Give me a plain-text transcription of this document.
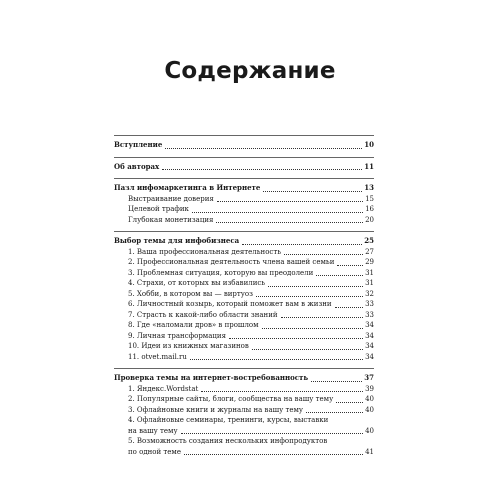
Содержание
Вступление	10
Об авторах	11
Пазл инфомаркетинга в Интернете	13
Выстраивание доверия	15
Целевой трафик	16
Глубокая монетизация	20
Выбор темы для инфобизнеса	25
1. Ваша профессиональная деятельность	27
2. Профессиональная деятельность члена вашей семьи	29
3. Проблемная ситуация, которую вы преодолели	31
4. Страхи, от которых вы избавились	31
5. Хобби, в котором вы — виртуоз	32
6. Личностный козырь, который поможет вам в жизни	33
7. Страсть к какой-либо области знаний	33
8. Где «наломали дров» в прошлом	34
9. Личная трансформация	34
10. Идеи из книжных магазинов	34
11. otvet.mail.ru	34
Проверка темы на интернет-востребованность	37
1. Яндекс.Wordstat	39
2. Популярные сайты, блоги, сообщества на вашу тему	40
3. Офлайновые книги и журналы на вашу тему	40
4. Офлайновые семинары, тренинги, курсы, выставки
на вашу тему	40
5. Возможность создания нескольких инфопродуктов
по одной теме	41
